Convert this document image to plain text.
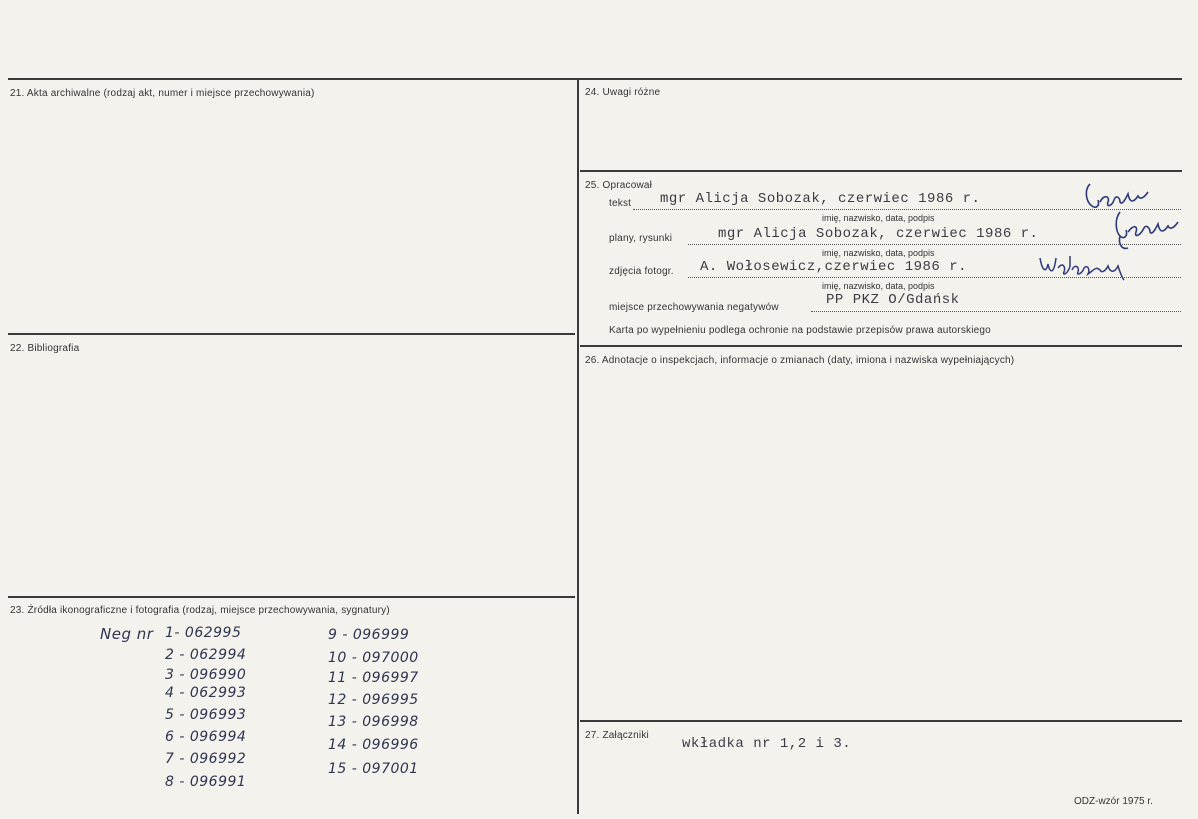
21. Akta archiwalne (rodzaj akt, numer i miejsce przechowywania)
22. Bibliografia
23. Źródła ikonograficzne i fotografia (rodzaj, miejsce przechowywania, sygnatury)
Neg nr 1- 062995
2 - 062994
3 - 096990
4 - 062993
5 - 096993
6 - 096994
7 - 096992
8 - 096991
9 - 096999
10 - 097000
11 - 096997
12 - 096995
13 - 096998
14 - 096996
15 - 097001
24. Uwagi różne
25. Opracował
tekst mgr Alicja Sobozak, czerwiec 1986 r.
imię, nazwisko, data, podpis
plany, rysunki	mgr Alicja Sobozak, czerwiec 1986 r.
imię, nazwisko, data, podpis
zdjęcia fotogr. A. Wołosewicz,czerwiec 1986 r.
imię, nazwisko, data, podpis
miejsce przechowywania negatywów	PP PKZ O/Gdańsk
Karta po wypełnieniu podlega ochronie na podstawie przepisów prawa autorskiego
26. Adnotacje o inspekcjach, informacje o zmianach (daty, imiona i nazwiska wypełniających)
27. Załączniki
wkładka nr 1,2 i 3.
ODZ-wzór 1975 r.
